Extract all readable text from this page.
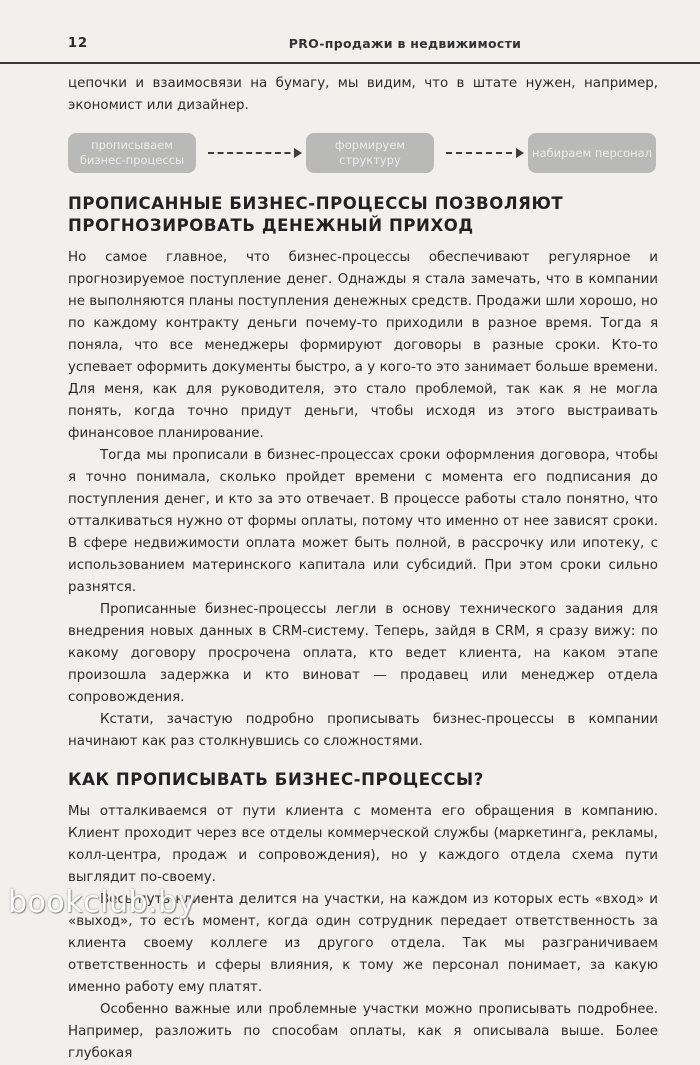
12	PRO-продажи в недвижимости

цепочки и взаимосвязи на бумагу, мы видим, что в штате нужен, например, экономист или дизайнер.

прописываем бизнес-процессы
формируем структуру
набираем персонал
ПРОПИСАННЫЕ БИЗНЕС-ПРОЦЕССЫ ПОЗВОЛЯЮТ ПРОГНОЗИРОВАТЬ ДЕНЕЖНЫЙ ПРИХОД

Но самое главное, что бизнес-процессы обеспечивают регулярное и прогнозируемое поступление денег. Однажды я стала замечать, что в компании не выполняются планы поступления денежных средств. Продажи шли хорошо, но по каждому контракту деньги почему-то приходили в разное время. Тогда я поняла, что все менеджеры формируют договоры в разные сроки. Кто-то успевает оформить документы быстро, а у кого-то это занимает больше времени. Для меня, как для руководителя, это стало проблемой, так как я не могла понять, когда точно придут деньги, чтобы исходя из этого выстраивать финансовое планирование.

Тогда мы прописали в бизнес-процессах сроки оформления договора, чтобы я точно понимала, сколько пройдет времени с момента его подписания до поступления денег, и кто за это отвечает. В процессе работы стало понятно, что отталкиваться нужно от формы оплаты, потому что именно от нее зависят сроки. В сфере недвижимости оплата может быть полной, в рассрочку или ипотеку, с использованием материнского капитала или субсидий. При этом сроки сильно разнятся.

Прописанные бизнес-процессы легли в основу технического задания для внедрения новых данных в CRM-систему. Теперь, зайдя в CRM, я сразу вижу: по какому договору просрочена оплата, кто ведет клиента, на каком этапе произошла задержка и кто виноват — продавец или менеджер отдела сопровождения.

Кстати, зачастую подробно прописывать бизнес-процессы в компании начинают как раз столкнувшись со сложностями.

КАК ПРОПИСЫВАТЬ БИЗНЕС-ПРОЦЕССЫ?

Мы отталкиваемся от пути клиента с момента его обращения в компанию. Клиент проходит через все отделы коммерческой службы (маркетинга, рекламы, колл-центра, продаж и сопровождения), но у каждого отдела схема пути выглядит по-своему.

Весь путь клиента делится на участки, на каждом из которых есть «вход» и «выход», то есть момент, когда один сотрудник передает ответственность за клиента своему коллеге из другого отдела. Так мы разграничиваем ответственность и сферы влияния, к тому же персонал понимает, за какую именно работу ему платят.

Особенно важные или проблемные участки можно прописывать подробнее. Например, разложить по способам оплаты, как я описывала выше. Более глубокая

bookclub.by
